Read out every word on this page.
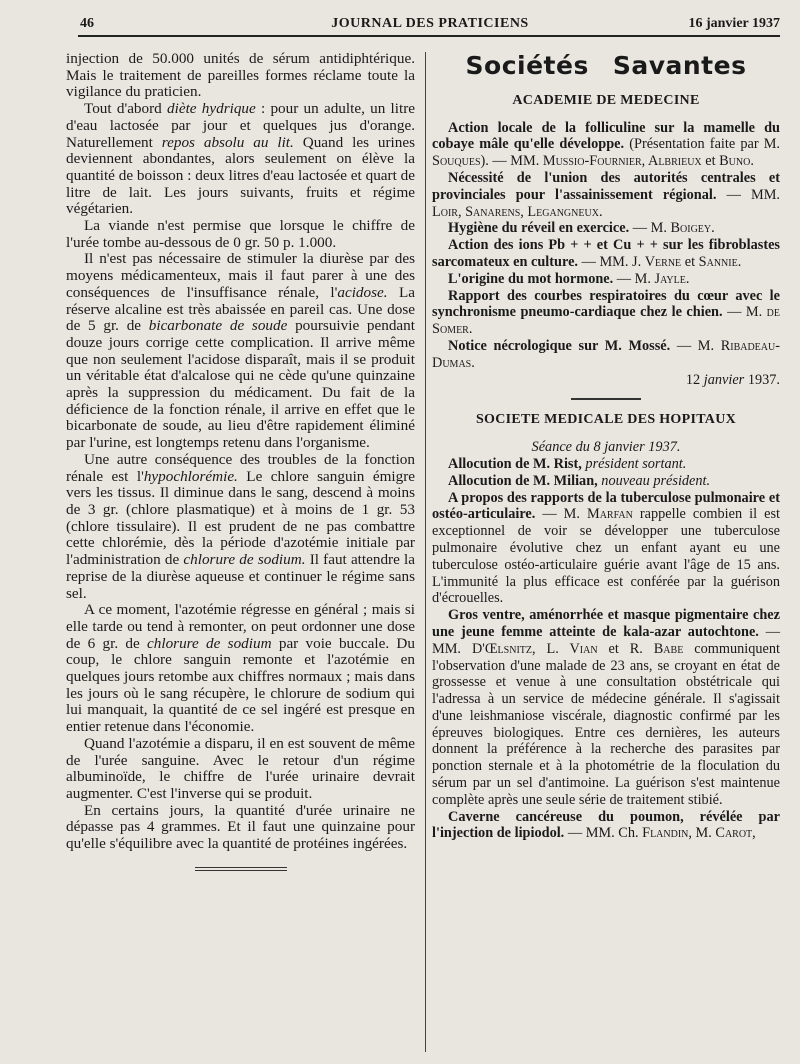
46	JOURNAL DES PRATICIENS	16 janvier 1937

injection de 50.000 unités de sérum antidiphtérique. Mais le traitement de pareilles formes réclame toute la vigilance du praticien.

Tout d'abord diète hydrique : pour un adulte, un litre d'eau lactosée par jour et quelques jus d'orange. Naturellement repos absolu au lit. Quand les urines deviennent abondantes, alors seulement on élève la quantité de boisson : deux litres d'eau lactosée et quart de litre de lait. Les jours suivants, fruits et régime végétarien.

La viande n'est permise que lorsque le chiffre de l'urée tombe au-dessous de 0 gr. 50 p. 1.000.

Il n'est pas nécessaire de stimuler la diurèse par des moyens médicamenteux, mais il faut parer à une des conséquences de l'insuffisance rénale, l'acidose. La réserve alcaline est très abaissée en pareil cas. Une dose de 5 gr. de bicarbonate de soude poursuivie pendant douze jours corrige cette complication. Il arrive même que non seulement l'acidose disparaît, mais il se produit un véritable état d'alcalose qui ne cède qu'une quinzaine après la suppression du médicament. Du fait de la déficience de la fonction rénale, il arrive en effet que le bicarbonate de soude, au lieu d'être rapidement éliminé par l'urine, est longtemps retenu dans l'organisme.

Une autre conséquence des troubles de la fonction rénale est l'hypochlorémie. Le chlore sanguin émigre vers les tissus. Il diminue dans le sang, descend à moins de 3 gr. (chlore plasmatique) et à moins de 1 gr. 53 (chlore tissulaire). Il est prudent de ne pas combattre cette chlorémie, dès la période d'azotémie initiale par l'administration de chlorure de sodium. Il faut attendre la reprise de la diurèse aqueuse et continuer le régime sans sel.

A ce moment, l'azotémie régresse en général ; mais si elle tarde ou tend à remonter, on peut ordonner une dose de 6 gr. de chlorure de sodium par voie buccale. Du coup, le chlore sanguin remonte et l'azotémie en quelques jours retombe aux chiffres normaux ; mais dans les jours où le sang récupère, le chlorure de sodium qui lui manquait, la quantité de ce sel ingéré est presque en entier retenue dans l'économie.

Quand l'azotémie a disparu, il en est souvent de même de l'urée sanguine. Avec le retour d'un régime albuminoïde, le chiffre de l'urée urinaire devrait augmenter. C'est l'inverse qui se produit.

En certains jours, la quantité d'urée urinaire ne dépasse pas 4 grammes. Et il faut une quinzaine pour qu'elle s'équilibre avec la quantité de protéines ingérées.

Sociétés Savantes
ACADEMIE DE MEDECINE

Action locale de la folliculine sur la mamelle du cobaye mâle qu'elle développe. (Présentation faite par M. Souques). — MM. Mussio-Fournier, Albrieux et Buno.

Nécessité de l'union des autorités centrales et provinciales pour l'assainissement régional. — MM. Loir, Sanarens, Legangneux.

Hygiène du réveil en exercice. — M. Boigey.

Action des ions Pb + + et Cu + + sur les fibroblastes sarcomateux en culture. — MM. J. Verne et Sannie.

L'origine du mot hormone. — M. Jayle.

Rapport des courbes respiratoires du cœur avec le synchronisme pneumo-cardiaque chez le chien. — M. de Somer.

Notice nécrologique sur M. Mossé. — M. Ribadeau-Dumas.

12 janvier 1937.

SOCIETE MEDICALE DES HOPITAUX

Séance du 8 janvier 1937.

Allocution de M. Rist, président sortant.

Allocution de M. Milian, nouveau président.

A propos des rapports de la tuberculose pulmonaire et ostéo-articulaire. — M. Marfan rappelle combien il est exceptionnel de voir se développer une tuberculose pulmonaire évolutive chez un enfant ayant eu une tuberculose ostéo-articulaire guérie avant l'âge de 15 ans. L'immunité la plus efficace est conférée par la guérison d'écrouelles.

Gros ventre, aménorrhée et masque pigmentaire chez une jeune femme atteinte de kala-azar autochtone. — MM. D'Œlsnitz, L. Vian et R. Babe communiquent l'observation d'une malade de 23 ans, se croyant en état de grossesse et venue à une consultation obstétricale qui l'adressa à un service de médecine générale. Il s'agissait d'une leishmaniose viscérale, diagnostic confirmé par les épreuves biologiques. Entre ces dernières, les auteurs donnent la préférence à la recherche des parasites par ponction sternale et à la photométrie de la floculation du sérum par un sel d'antimoine. La guérison s'est maintenue complète après une seule série de traitement stibié.

Caverne cancéreuse du poumon, révélée par l'injection de lipiodol. — MM. Ch. Flandin, M. Carot,
